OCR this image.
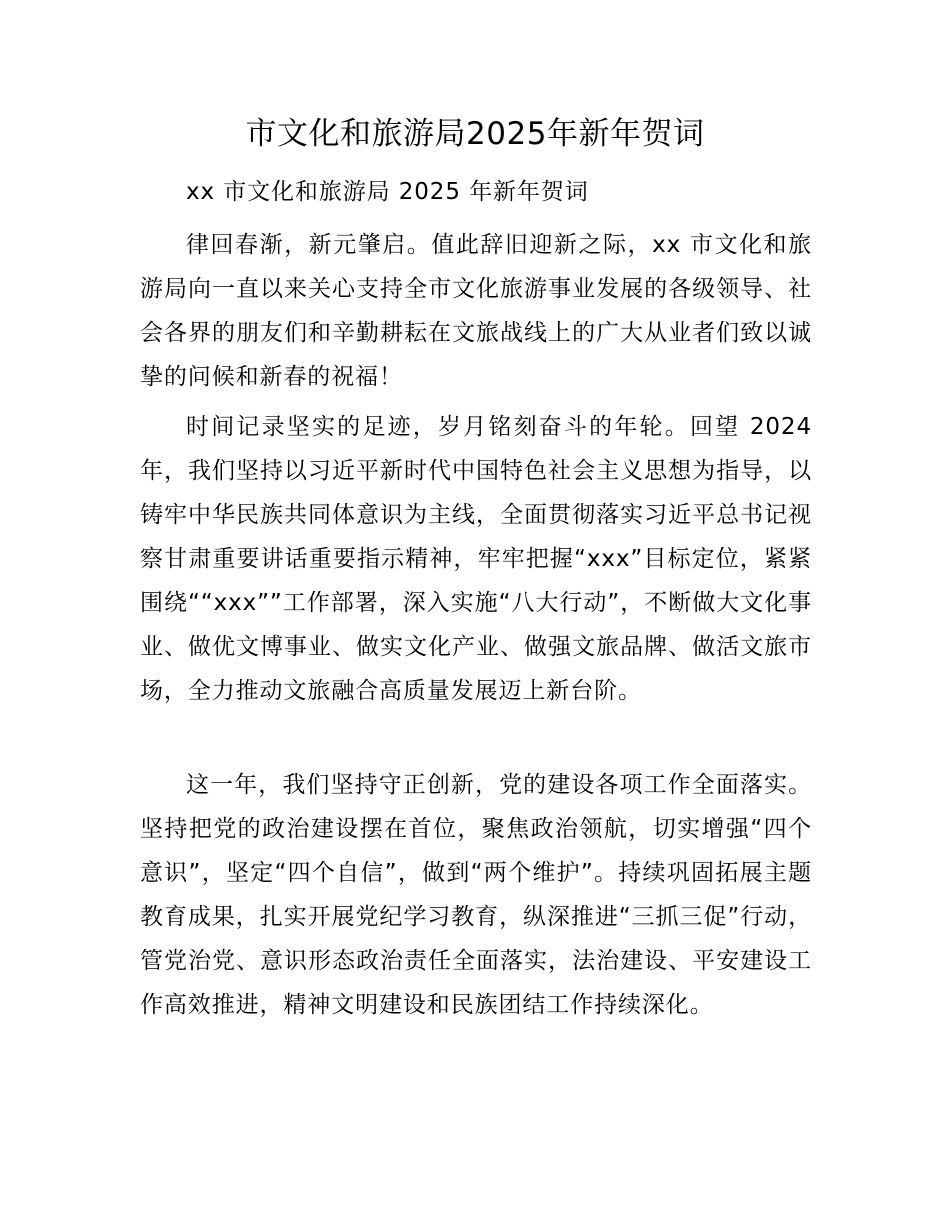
市文化和旅游局2025年新年贺词

xx 市文化和旅游局 2025 年新年贺词

律回春渐，新元肇启。值此辞旧迎新之际，xx 市文化和旅游局向一直以来关心支持全市文化旅游事业发展的各级领导、社会各界的朋友们和辛勤耕耘在文旅战线上的广大从业者们致以诚挚的问候和新春的祝福！

时间记录坚实的足迹，岁月铭刻奋斗的年轮。回望 2024 年，我们坚持以习近平新时代中国特色社会主义思想为指导，以铸牢中华民族共同体意识为主线，全面贯彻落实习近平总书记视察甘肃重要讲话重要指示精神，牢牢把握“xxx”目标定位，紧紧围绕““xxx””工作部署，深入实施“八大行动”，不断做大文化事业、做优文博事业、做实文化产业、做强文旅品牌、做活文旅市场，全力推动文旅融合高质量发展迈上新台阶。

这一年，我们坚持守正创新，党的建设各项工作全面落实。坚持把党的政治建设摆在首位，聚焦政治领航，切实增强“四个意识”，坚定“四个自信”，做到“两个维护”。持续巩固拓展主题教育成果，扎实开展党纪学习教育，纵深推进“三抓三促”行动，管党治党、意识形态政治责任全面落实，法治建设、平安建设工作高效推进，精神文明建设和民族团结工作持续深化。
